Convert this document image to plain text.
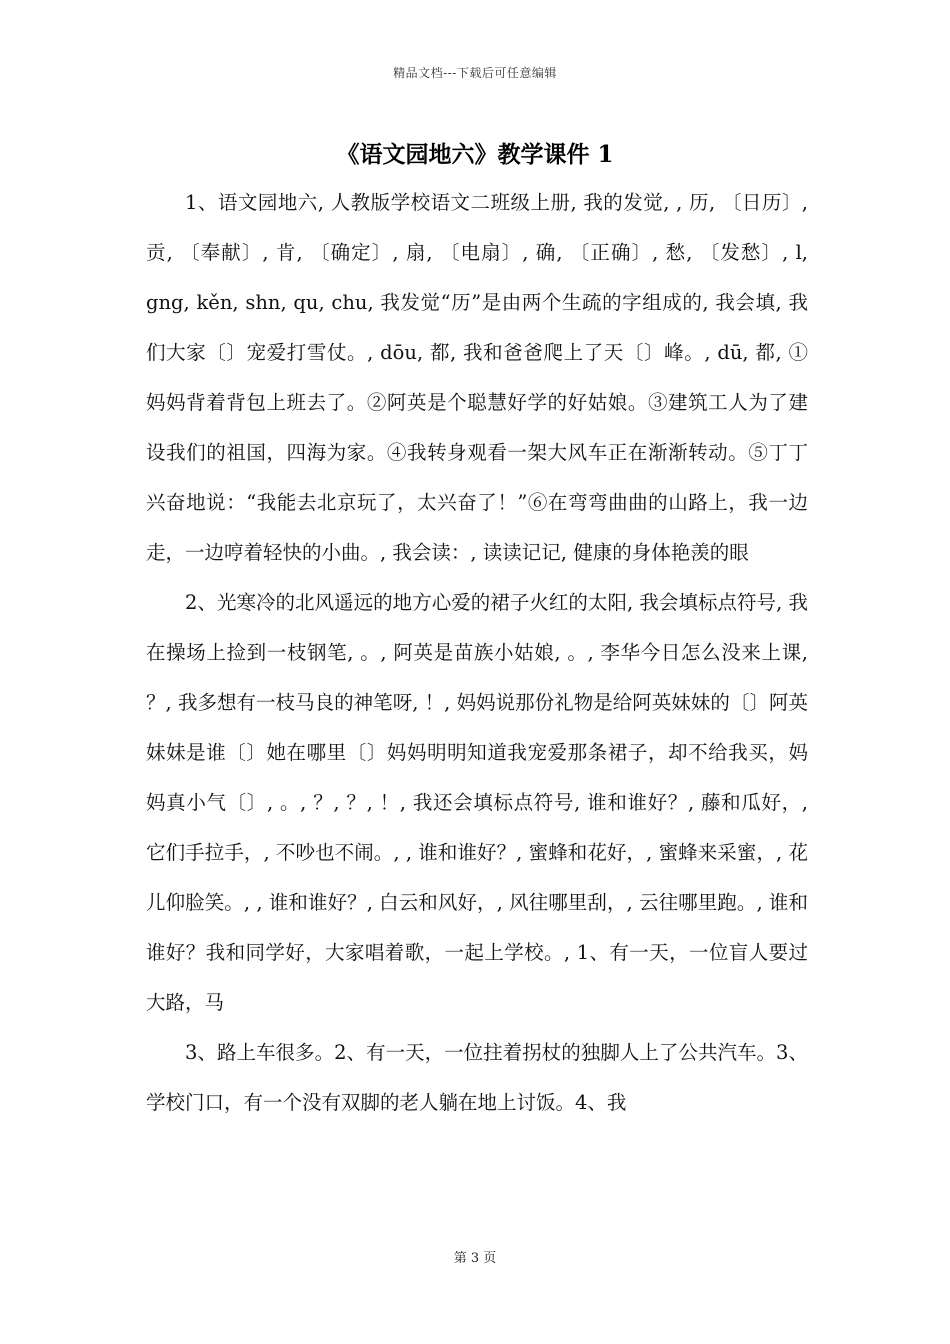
精品文档---下载后可任意编辑
《语文园地六》教学课件 1

1、语文园地六, 人教版学校语文二班级上册, 我的发觉, , 历, 〔日历〕, 贡, 〔奉献〕, 肯, 〔确定〕, 扇, 〔电扇〕, 确, 〔正确〕, 愁, 〔发愁〕, l, gng, kěn, shn, qu, chu, 我发觉“历”是由两个生疏的字组成的, 我会填, 我们大家〔〕宠爱打雪仗。, dōu, 都, 我和爸爸爬上了天〔〕峰。, dū, 都, ① 妈妈背着背包上班去了。②阿英是个聪慧好学的好姑娘。③建筑工人为了建设我们的祖国，四海为家。④我转身观看一架大风车正在渐渐转动。⑤丁丁兴奋地说：“我能去北京玩了，太兴奋了！”⑥在弯弯曲曲的山路上，我一边走，一边哼着轻快的小曲。, 我会读：, 读读记记, 健康的身体艳羡的眼

2、光寒冷的北风遥远的地方心爱的裙子火红的太阳, 我会填标点符号, 我在操场上捡到一枝钢笔, 。, 阿英是苗族小姑娘, 。, 李华今日怎么没来上课, ？, 我多想有一枝马良的神笔呀, ！, 妈妈说那份礼物是给阿英妹妹的〔〕阿英妹妹是谁〔〕她在哪里〔〕妈妈明明知道我宠爱那条裙子，却不给我买，妈妈真小气〔〕, 。, ？, ？, ！, 我还会填标点符号, 谁和谁好？, 藤和瓜好，, 它们手拉手，, 不吵也不闹。, , 谁和谁好？, 蜜蜂和花好，, 蜜蜂来采蜜，, 花儿仰脸笑。, , 谁和谁好？, 白云和风好，, 风往哪里刮，, 云往哪里跑。, 谁和谁好？我和同学好，大家唱着歌，一起上学校。, 1、有一天，一位盲人要过大路，马

3、路上车很多。2、有一天，一位拄着拐杖的独脚人上了公共汽车。3、学校门口，有一个没有双脚的老人躺在地上讨饭。4、我

第 3 页
